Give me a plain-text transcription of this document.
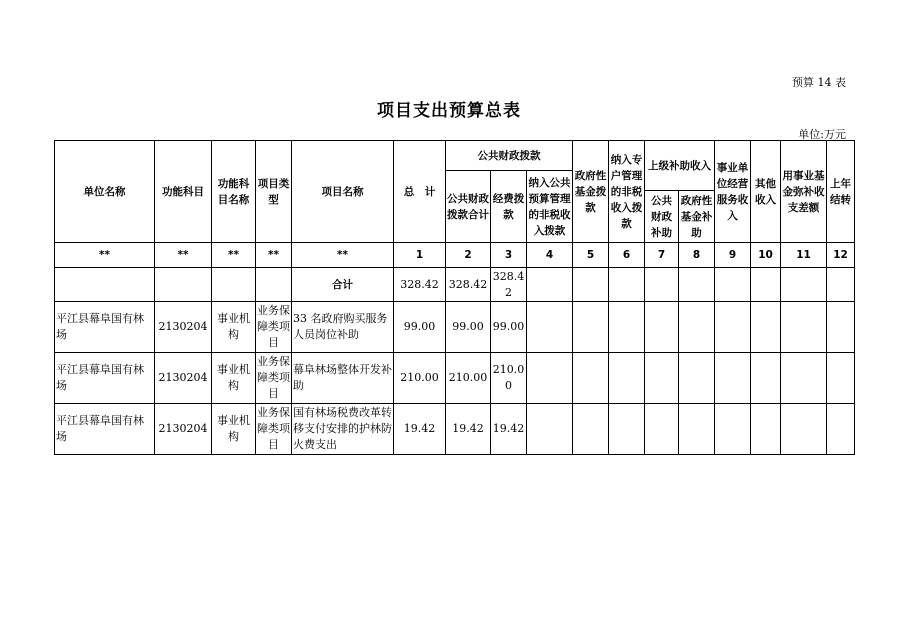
预算 14 表
项目支出预算总表
单位:万元
单位名称	功能科目	功能科目名称	项目类型	项目名称	总　计	公共财政拨款			政府性基金拨款	纳入专户管理的非税收入拨款	上级补助收入		事业单位经营服务收入	其他收入	用事业基金弥补收支差额	上年结转
						公共财政拨款合计	经费拨款	纳入公共预算管理的非税收入拨款								
											公共财政补助	政府性基金补助				
**	**	**	**	**	1	2	3	4	5	6	7	8	9	10	11	12
				合计	328.42	328.42	328.42									
平江县幕阜国有林场	2130204	事业机构	业务保障类项目	33 名政府购买服务人员岗位补助	99.00	99.00	99.00									
平江县幕阜国有林场	2130204	事业机构	业务保障类项目	幕阜林场整体开发补助	210.00	210.00	210.00									
平江县幕阜国有林场	2130204	事业机构	业务保障类项目	国有林场税费改革转移支付安排的护林防火费支出	19.42	19.42	19.42									
